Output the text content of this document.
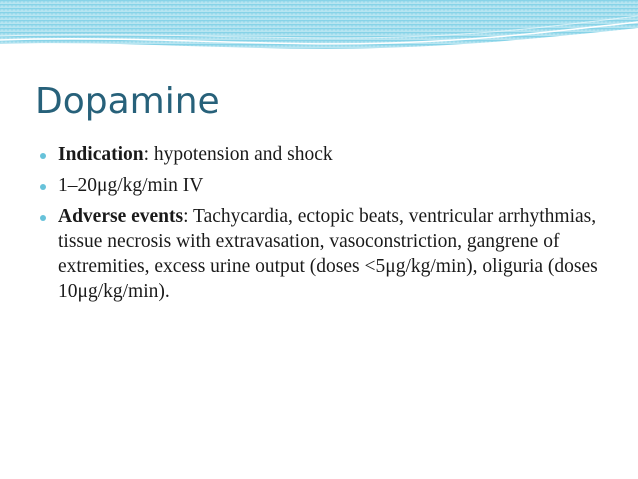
Dopamine
Indication: hypotension and shock
1–20μg/kg/min IV
Adverse events: Tachycardia, ectopic beats, ventricular arrhythmias, tissue necrosis with extravasation, vasoconstriction, gangrene of extremities, excess urine output (doses <5μg/kg/min), oliguria (doses 10μg/kg/min).
